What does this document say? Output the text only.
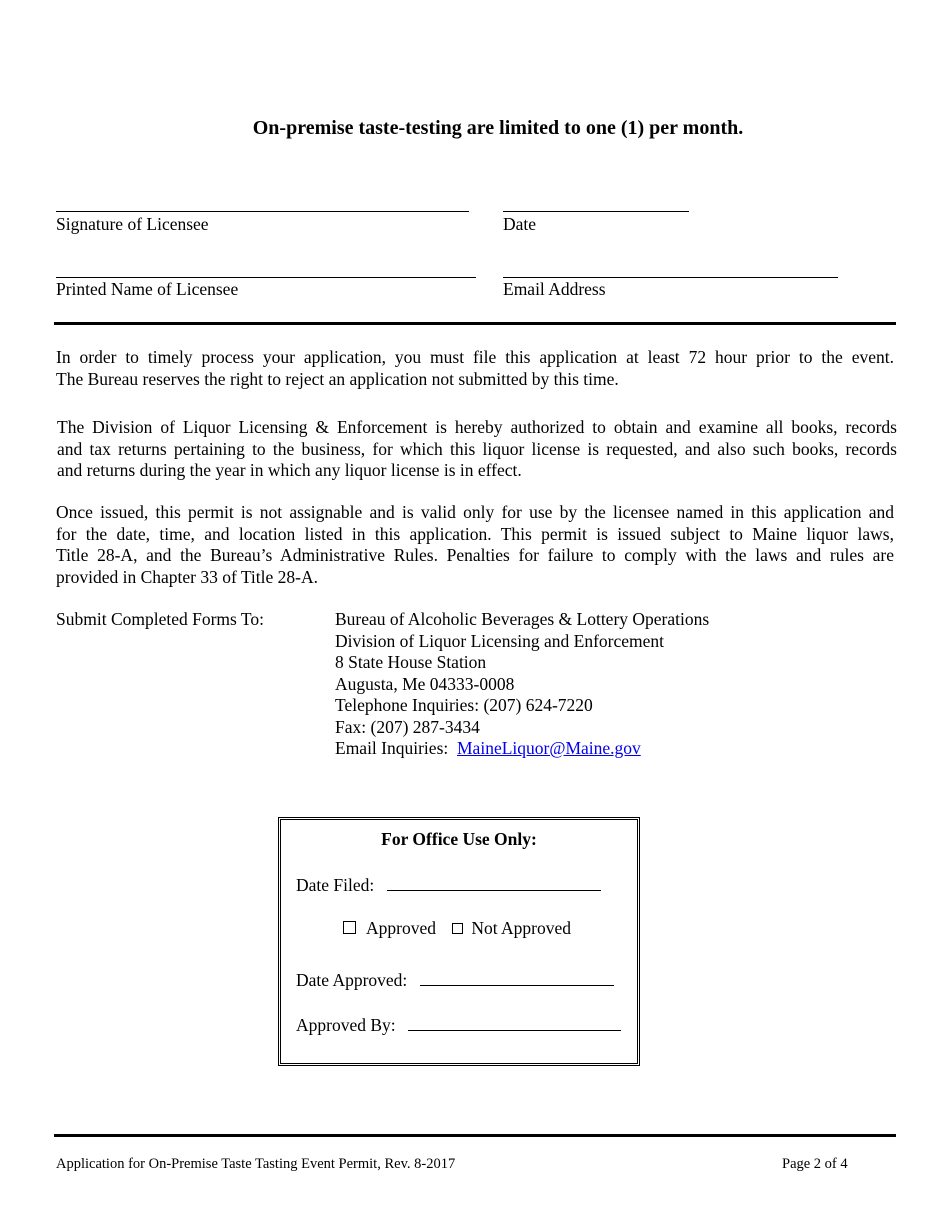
On-premise taste-testing are limited to one (1) per month.
Signature of Licensee	Date
Printed Name of Licensee	Email Address
In order to timely process your application, you must file this application at least 72 hour prior to the event.
The Bureau reserves the right to reject an application not submitted by this time.
The Division of Liquor Licensing & Enforcement is hereby authorized to obtain and examine all books, records
and tax returns pertaining to the business, for which this liquor license is requested, and also such books, records
and returns during the year in which any liquor license is in effect.
Once issued, this permit is not assignable and is valid only for use by the licensee named in this application and
for the date, time, and location listed in this application. This permit is issued subject to Maine liquor laws,
Title 28-A, and the Bureau’s Administrative Rules. Penalties for failure to comply with the laws and rules are
provided in Chapter 33 of Title 28-A.
Submit Completed Forms To:	Bureau of Alcoholic Beverages & Lottery Operations
Division of Liquor Licensing and Enforcement
8 State House Station
Augusta, Me 04333-0008
Telephone Inquiries: (207) 624-7220
Fax: (207) 287-3434
Email Inquiries: MaineLiquor@Maine.gov
For Office Use Only:
Date Filed:
Approved Not Approved
Date Approved:
Approved By:
Application for On-Premise Taste Tasting Event Permit, Rev. 8-2017	Page 2 of 4
